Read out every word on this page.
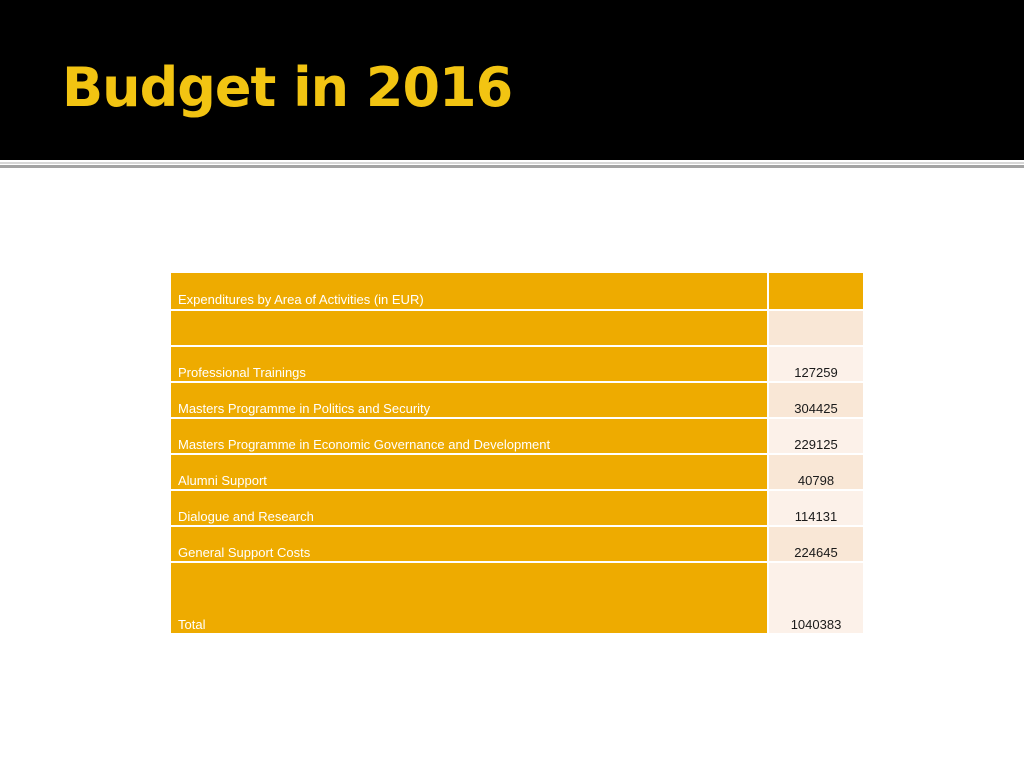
Budget in 2016
Expenditures by Area of Activities (in EUR)
Professional Trainings	127259
Masters Programme in Politics and Security	304425
Masters Programme in Economic Governance and Development	229125
Alumni Support	40798
Dialogue and Research	114131
General Support Costs	224645
Total	1040383
